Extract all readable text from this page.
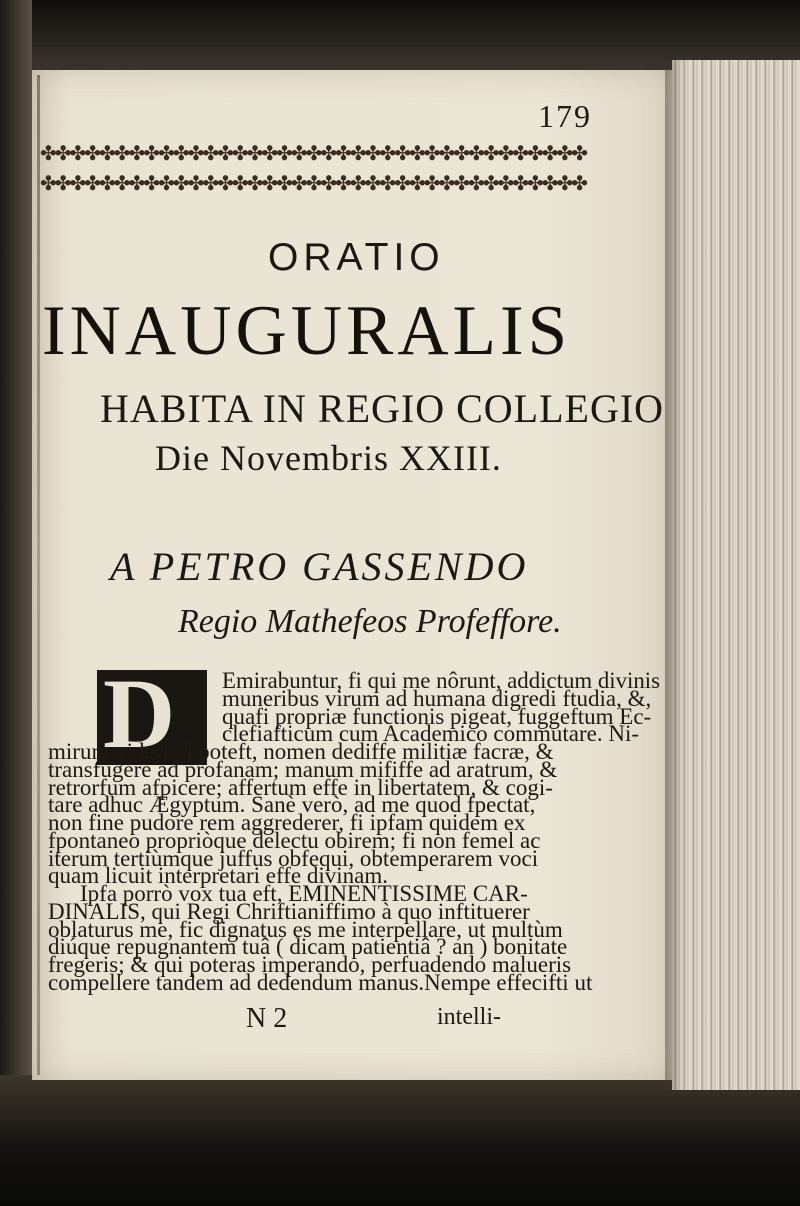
179
✤✤✤✤✤✤✤✤✤✤✤✤✤✤✤✤✤✤✤✤✤✤✤✤✤✤✤✤✤✤✤✤✤✤✤✤✤
✤✤✤✤✤✤✤✤✤✤✤✤✤✤✤✤✤✤✤✤✤✤✤✤✤✤✤✤✤✤✤✤✤✤✤✤✤
ORATIO
INAUGURALIS
HABITA IN REGIO COLLEGIO
Die Novembris XXIII.
A PETRO GASSENDO
Regio Mathefeos Profeffore.
D Emirabuntur, fi qui me nôrunt, addictum divinis
muneribus virum ad humana digredi ftudia, &,
quafi propriæ functionis pigeat, fuggeftum Ec-
clefiafticum cum Academico commutare. Ni-
mirum videri id poteft, nomen dediffe militiæ facræ, &
transfugere ad profanam; manum mififfe ad aratrum, &
retrorfum afpicere; affertum effe in libertatem, & cogi-
tare adhuc Ægyptum. Sanè verò, ad me quod fpectat,
non fine pudore rem aggrederer, fi ipfam quidem ex
fpontaneo propriòque delectu obirem; fi non femel ac
iterum tertiùmque juffus obfequi, obtemperarem voci
quam licuit interpretari effe divinam.
Ipfa porrò vox tua eft, EMINENTISSIME CAR-
DINALIS, qui Regi Chriftianiffimo à quo inftituerer
oblaturus me, fic dignatus es me interpellare, ut multùm
diúque repugnantem tuâ ( dicam patientiâ ? an ) bonitate
fregeris; & qui poteras imperando, perfuadendo malueris
compellere tandem ad dedendum manus.Nempe effecifti ut
N 2	intelli-
